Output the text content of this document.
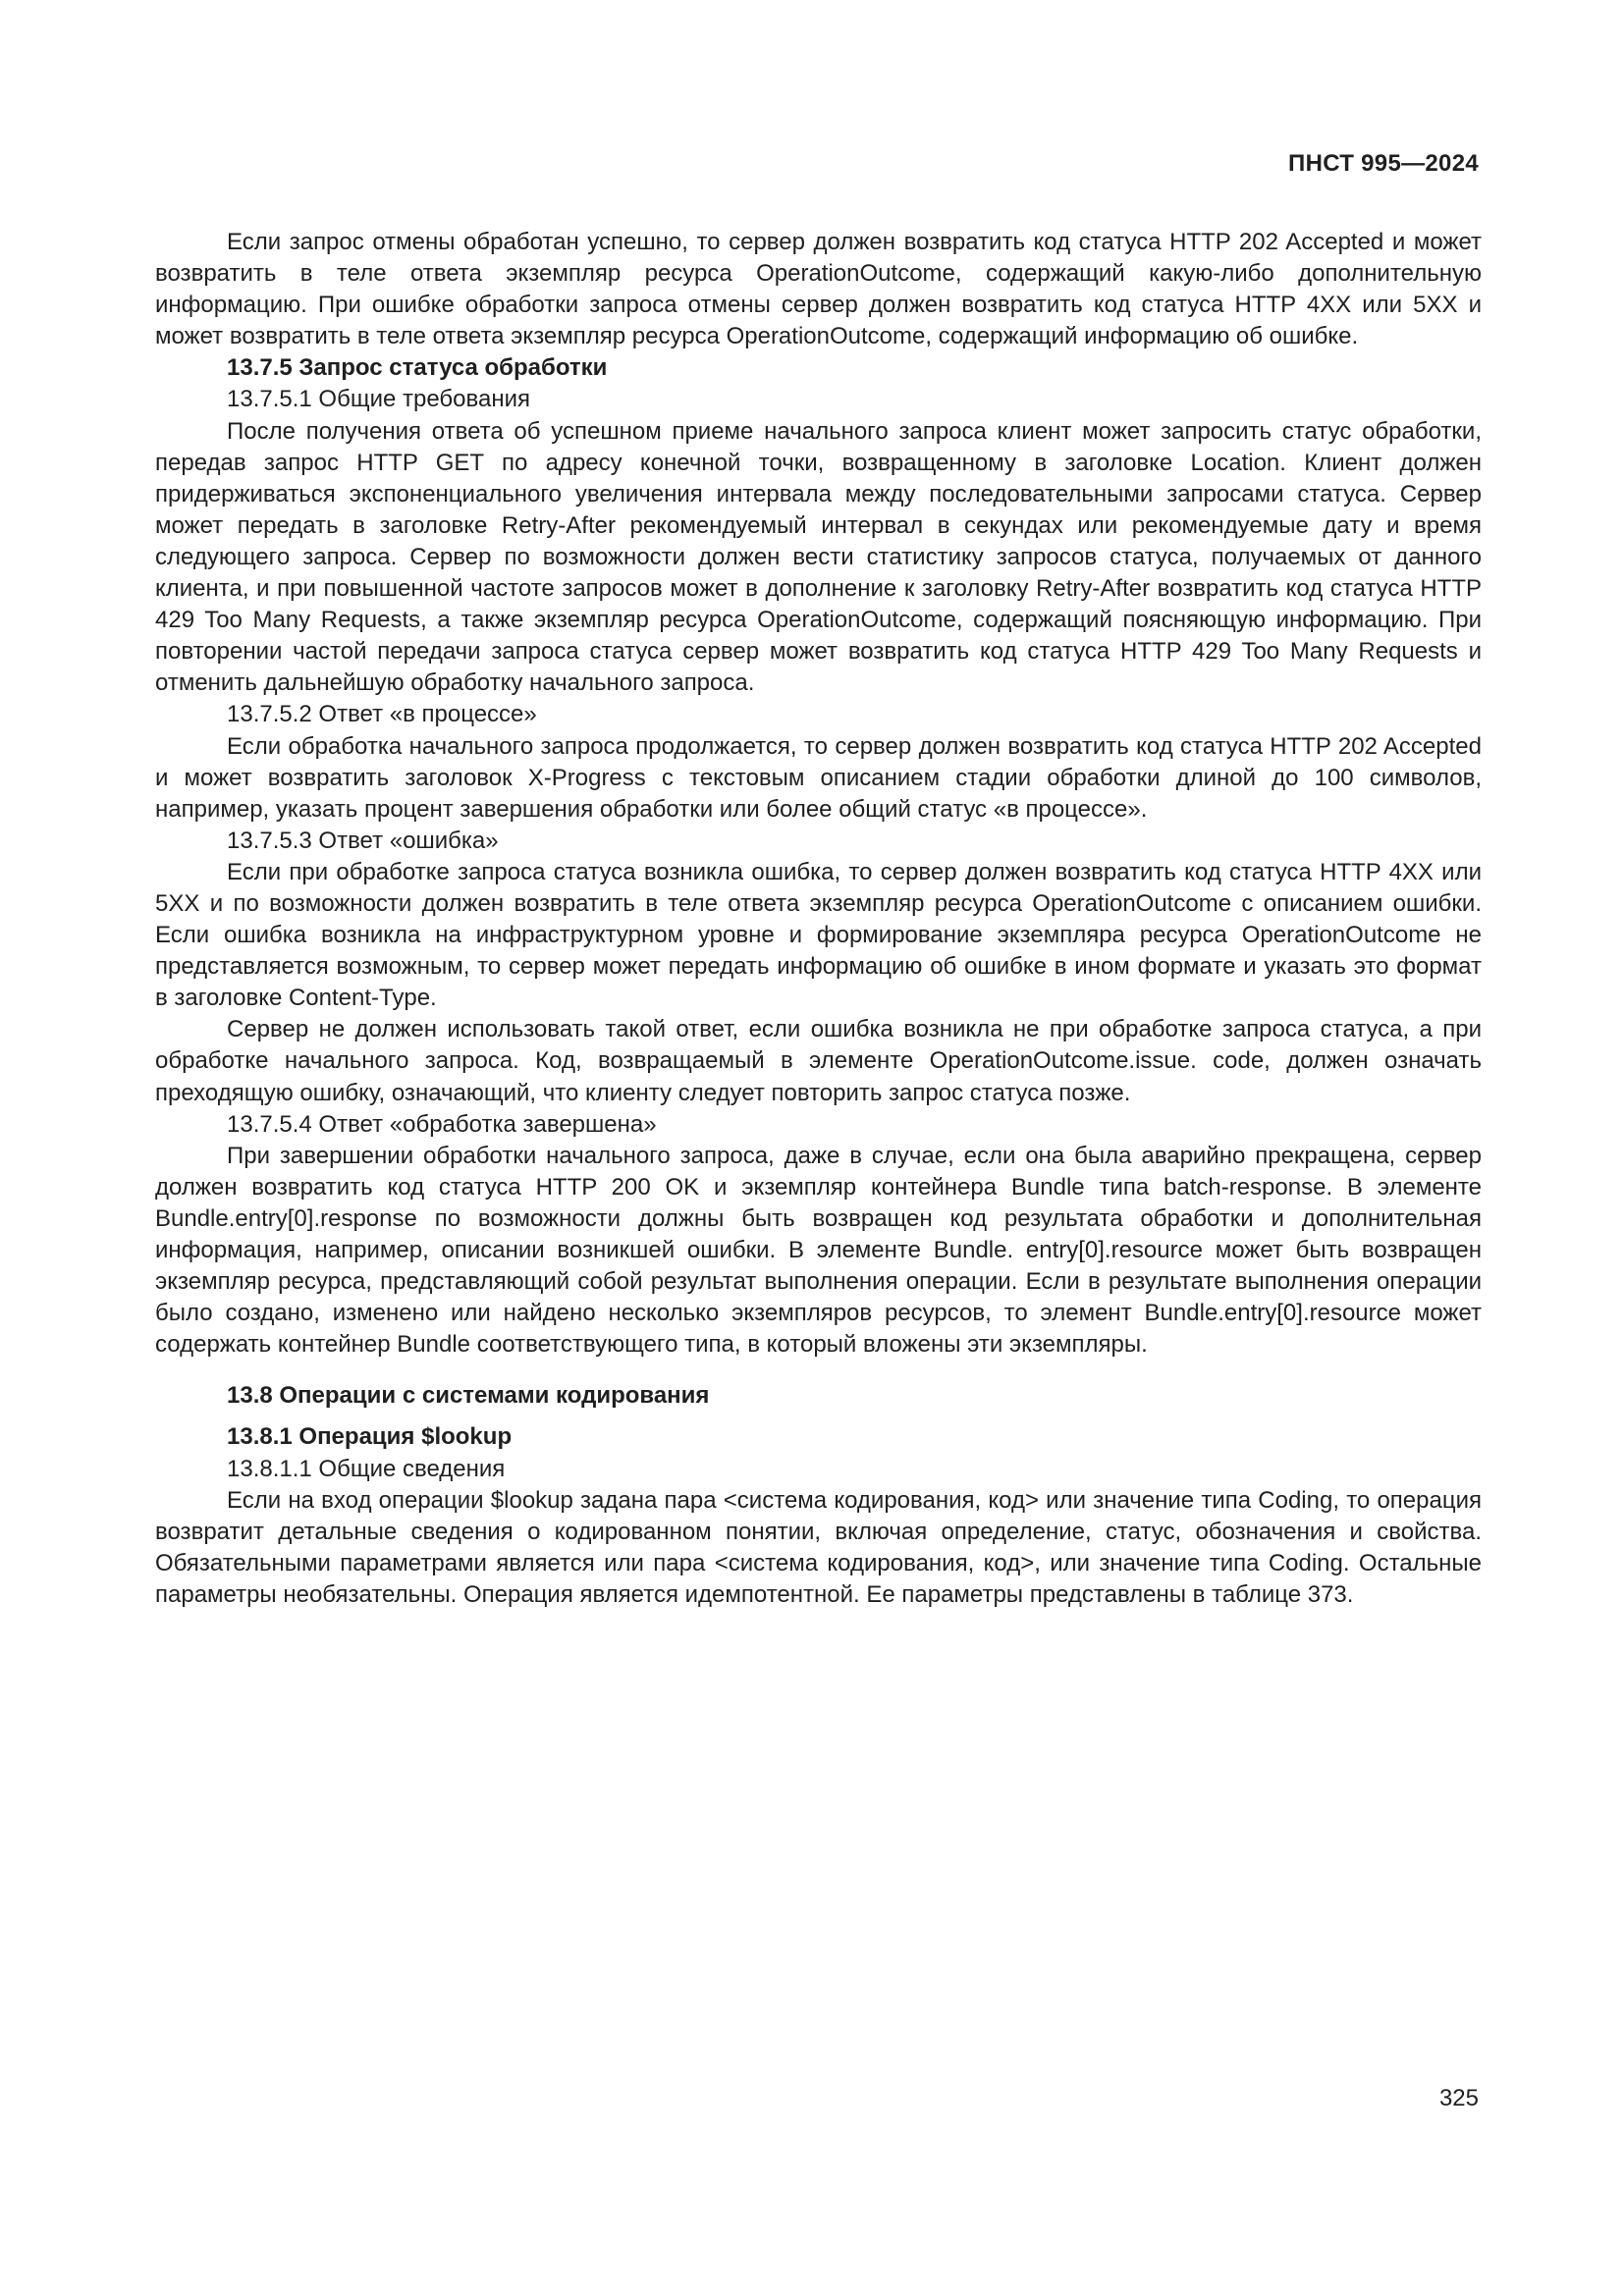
ПНСТ 995—2024

Если запрос отмены обработан успешно, то сервер должен возвратить код статуса HTTP 202 Accepted и может возвратить в теле ответа экземпляр ресурса OperationOutcome, содержащий какую-либо дополнительную информацию. При ошибке обработки запроса отмены сервер должен возвратить код статуса HTTP 4XX или 5XX и может возвратить в теле ответа экземпляр ресурса OperationOutcome, содержащий информацию об ошибке.

13.7.5 Запрос статуса обработки
13.7.5.1 Общие требования

После получения ответа об успешном приеме начального запроса клиент может запросить статус обработки, передав запрос HTTP GET по адресу конечной точки, возвращенному в заголовке Location. Клиент должен придерживаться экспоненциального увеличения интервала между последовательными запросами статуса. Сервер может передать в заголовке Retry-After рекомендуемый интервал в секундах или рекомендуемые дату и время следующего запроса. Сервер по возможности должен вести статистику запросов статуса, получаемых от данного клиента, и при повышенной частоте запросов может в дополнение к заголовку Retry-After возвратить код статуса HTTP 429 Too Many Requests, а также экземпляр ресурса OperationOutcome, содержащий поясняющую информацию. При повторении частой передачи запроса статуса сервер может возвратить код статуса HTTP 429 Too Many Requests и отменить дальнейшую обработку начального запроса.

13.7.5.2 Ответ «в процессе»

Если обработка начального запроса продолжается, то сервер должен возвратить код статуса HTTP 202 Accepted и может возвратить заголовок X-Progress с текстовым описанием стадии обработки длиной до 100 символов, например, указать процент завершения обработки или более общий статус «в процессе».

13.7.5.3 Ответ «ошибка»

Если при обработке запроса статуса возникла ошибка, то сервер должен возвратить код статуса HTTP 4XX или 5XX и по возможности должен возвратить в теле ответа экземпляр ресурса OperationOutcome с описанием ошибки. Если ошибка возникла на инфраструктурном уровне и формирование экземпляра ресурса OperationOutcome не представляется возможным, то сервер может передать информацию об ошибке в ином формате и указать это формат в заголовке Content-Type.

Сервер не должен использовать такой ответ, если ошибка возникла не при обработке запроса статуса, а при обработке начального запроса. Код, возвращаемый в элементе OperationOutcome.issue. code, должен означать преходящую ошибку, означающий, что клиенту следует повторить запрос статуса позже.

13.7.5.4 Ответ «обработка завершена»

При завершении обработки начального запроса, даже в случае, если она была аварийно прекращена, сервер должен возвратить код статуса HTTP 200 OK и экземпляр контейнера Bundle типа batch-response. В элементе Bundle.entry[0].response по возможности должны быть возвращен код результата обработки и дополнительная информация, например, описании возникшей ошибки. В элементе Bundle. entry[0].resource может быть возвращен экземпляр ресурса, представляющий собой результат выполнения операции. Если в результате выполнения операции было создано, изменено или найдено несколько экземпляров ресурсов, то элемент Bundle.entry[0].resource может содержать контейнер Bundle соответствующего типа, в который вложены эти экземпляры.

13.8 Операции с системами кодирования
13.8.1 Операция $lookup
13.8.1.1 Общие сведения

Если на вход операции $lookup задана пара <система кодирования, код> или значение типа Coding, то операция возвратит детальные сведения о кодированном понятии, включая определение, статус, обозначения и свойства. Обязательными параметрами является или пара <система кодирования, код>, или значение типа Coding. Остальные параметры необязательны. Операция является идемпотентной. Ее параметры представлены в таблице 373.

325
